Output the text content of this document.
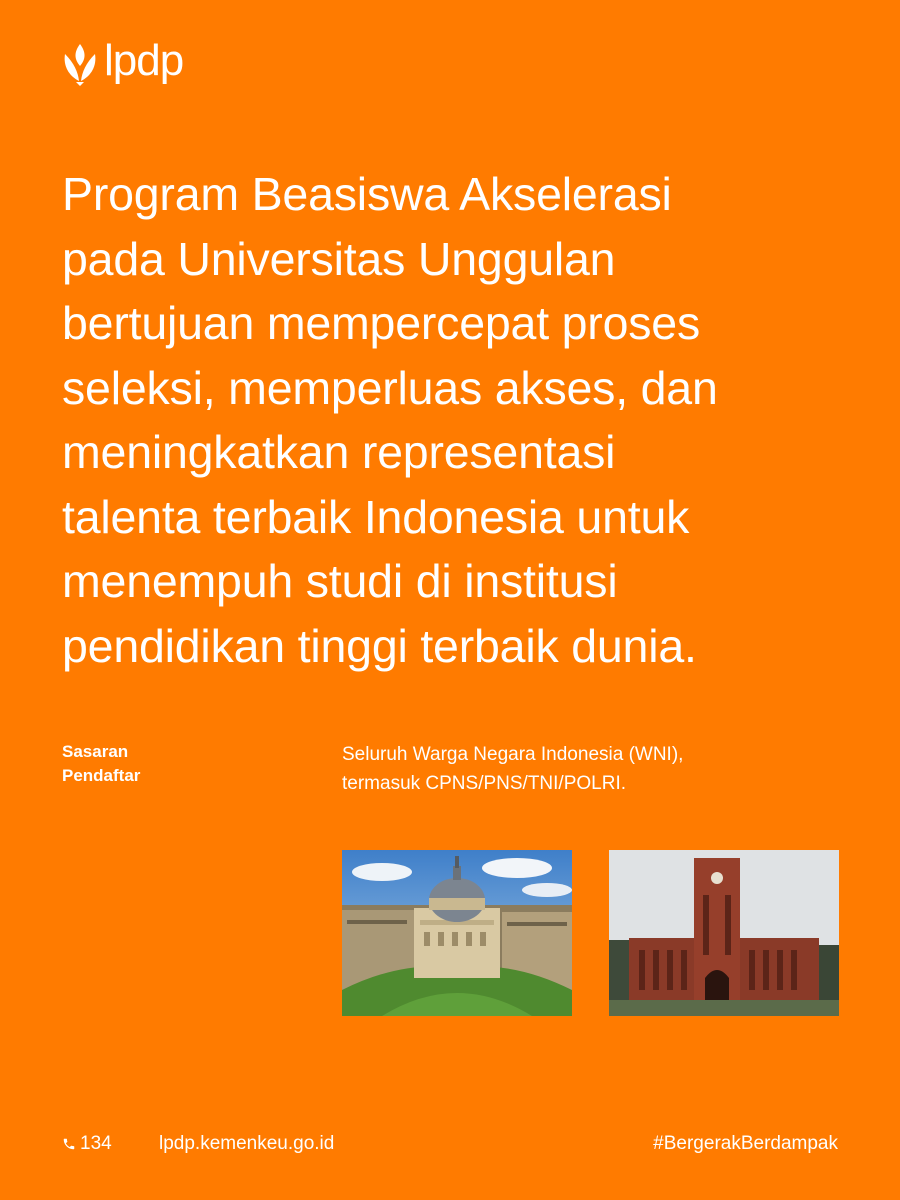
lpdp
Program Beasiswa Akselerasi
pada Universitas Unggulan
bertujuan mempercepat proses
seleksi, memperluas akses, dan
meningkatkan representasi
talenta terbaik Indonesia untuk
menempuh studi di institusi
pendidikan tinggi terbaik dunia.
Sasaran
Pendaftar
Seluruh Warga Negara Indonesia (WNI),
termasuk CPNS/PNS/TNI/POLRI.
134 lpdp.kemenkeu.go.id	#BergerakBerdampak
